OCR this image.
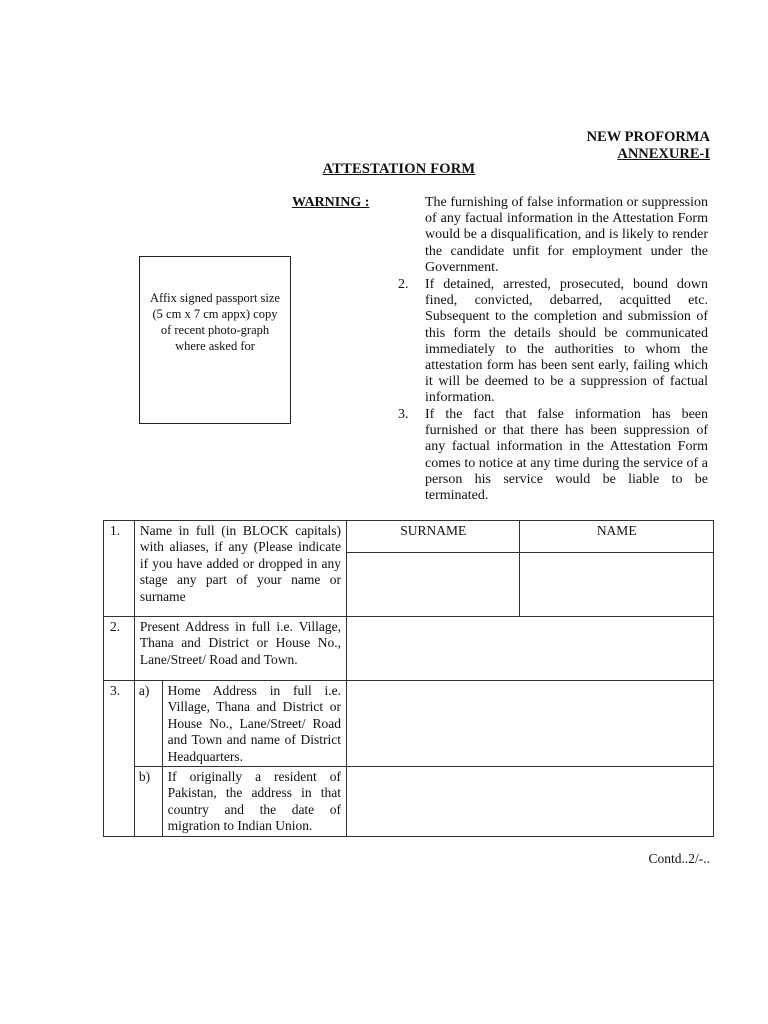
NEW PROFORMA
ANNEXURE-I
ATTESTATION FORM
WARNING :	The furnishing of false information or suppression of any factual information in the Attestation Form would be a disqualification, and is likely to render the candidate unfit for employment under the Government.
2.	If detained, arrested, prosecuted, bound down fined, convicted, debarred, acquitted etc. Subsequent to the completion and submission of this form the details should be communicated immediately to the authorities to whom the attestation form has been sent early, failing which it will be deemed to be a suppression of factual information.
3.	If the fact that false information has been furnished or that there has been suppression of any factual information in the Attestation Form comes to notice at any time during the service of a person his service would be liable to be terminated.
Affix signed passport size (5 cm x 7 cm appx) copy of recent photo-graph where asked for
1.	Name in full (in BLOCK capitals) with aliases, if any (Please indicate if you have added or dropped in any stage any part of your name or surname		SURNAME	NAME

2.	Present Address in full i.e. Village, Thana and District or House No., Lane/Street/ Road and Town.			
3.	a)	Home Address in full i.e. Village, Thana and District or House No., Lane/Street/ Road and Town and name of District Headquarters.		
	b)	If originally a resident of Pakistan, the address in that country and the date of migration to Indian Union.		
Contd..2/-..
